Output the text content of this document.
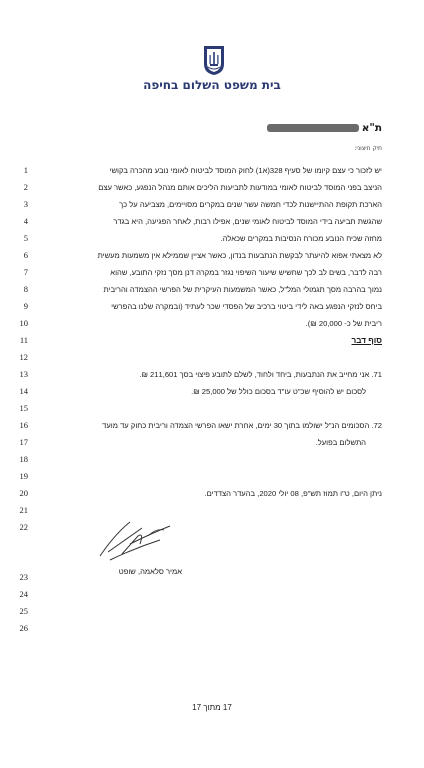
בית משפט השלום בחיפה
ת"א
תיק חיצוני:
1
2
3
4
5
6
7
8
9
10
11
12
13
14
15
16
17
18
19
20
21
22
23
24
25
26
יש לזכור כי עצם קיומו של סעיף 328(א1) לחוק המוסד לביטוח לאומי נובע מהכרה בקושי
הניצב בפני המוסד לביטוח לאומי במודעות לתביעות הליכים אותם מנהל הנפגע, כאשר עצם
הארכת תקופת ההתיישנות לכדי חמשה עשר שנים במקרים מסויימים, מצביעה על כך
שהגשת תביעה בידי המוסד לביטוח לאומי שנים, אפילו רבות, לאחר הפגיעה, היא בגדר
מחזה שכיח הנובע מכורח הנסיבות במקרים שכאלה.
לא מצאתי אפוא להיעתר לבקשת הנתבעות בנדון, כאשר אציין שממילא אין משמעות מעשית
רבה לדבר, בשים לב לכך שחשיש שיעור השיפוי נגזר במקרה דנן מסך נזקי התובע, שהוא
נמוך בהרבה מסך תגמולי המל"ל, כאשר המשמעות העיקרית של הפרשי ההצמדה והריבית
ביחס לנזקי הנפגע באה לידי ביטוי ברכיב של הפסדי שכר לעתיד (ובמקרה שלנו בהפרשי
ריבית של כ- 20,000 ₪).
סוף דבר
71. אני מחייב את הנתבעות, ביחד ולחוד, לשלם לתובע פיצוי בסך 211,601 ₪.
לסכום יש להוסיף שכ"ט עו"ד בסכום כולל של 25,000 ₪.
72. הסכומים הנ"ל ישולמו בתוך 30 ימים, אחרת ישאו הפרשי הצמדה וריבית כחוק עד מועד
התשלום בפועל.
ניתן היום, ט"ו תמוז תש"פ, 08 יולי 2020, בהעדר הצדדים.
אמיר סלאמה, שופט
17 מתוך 17
